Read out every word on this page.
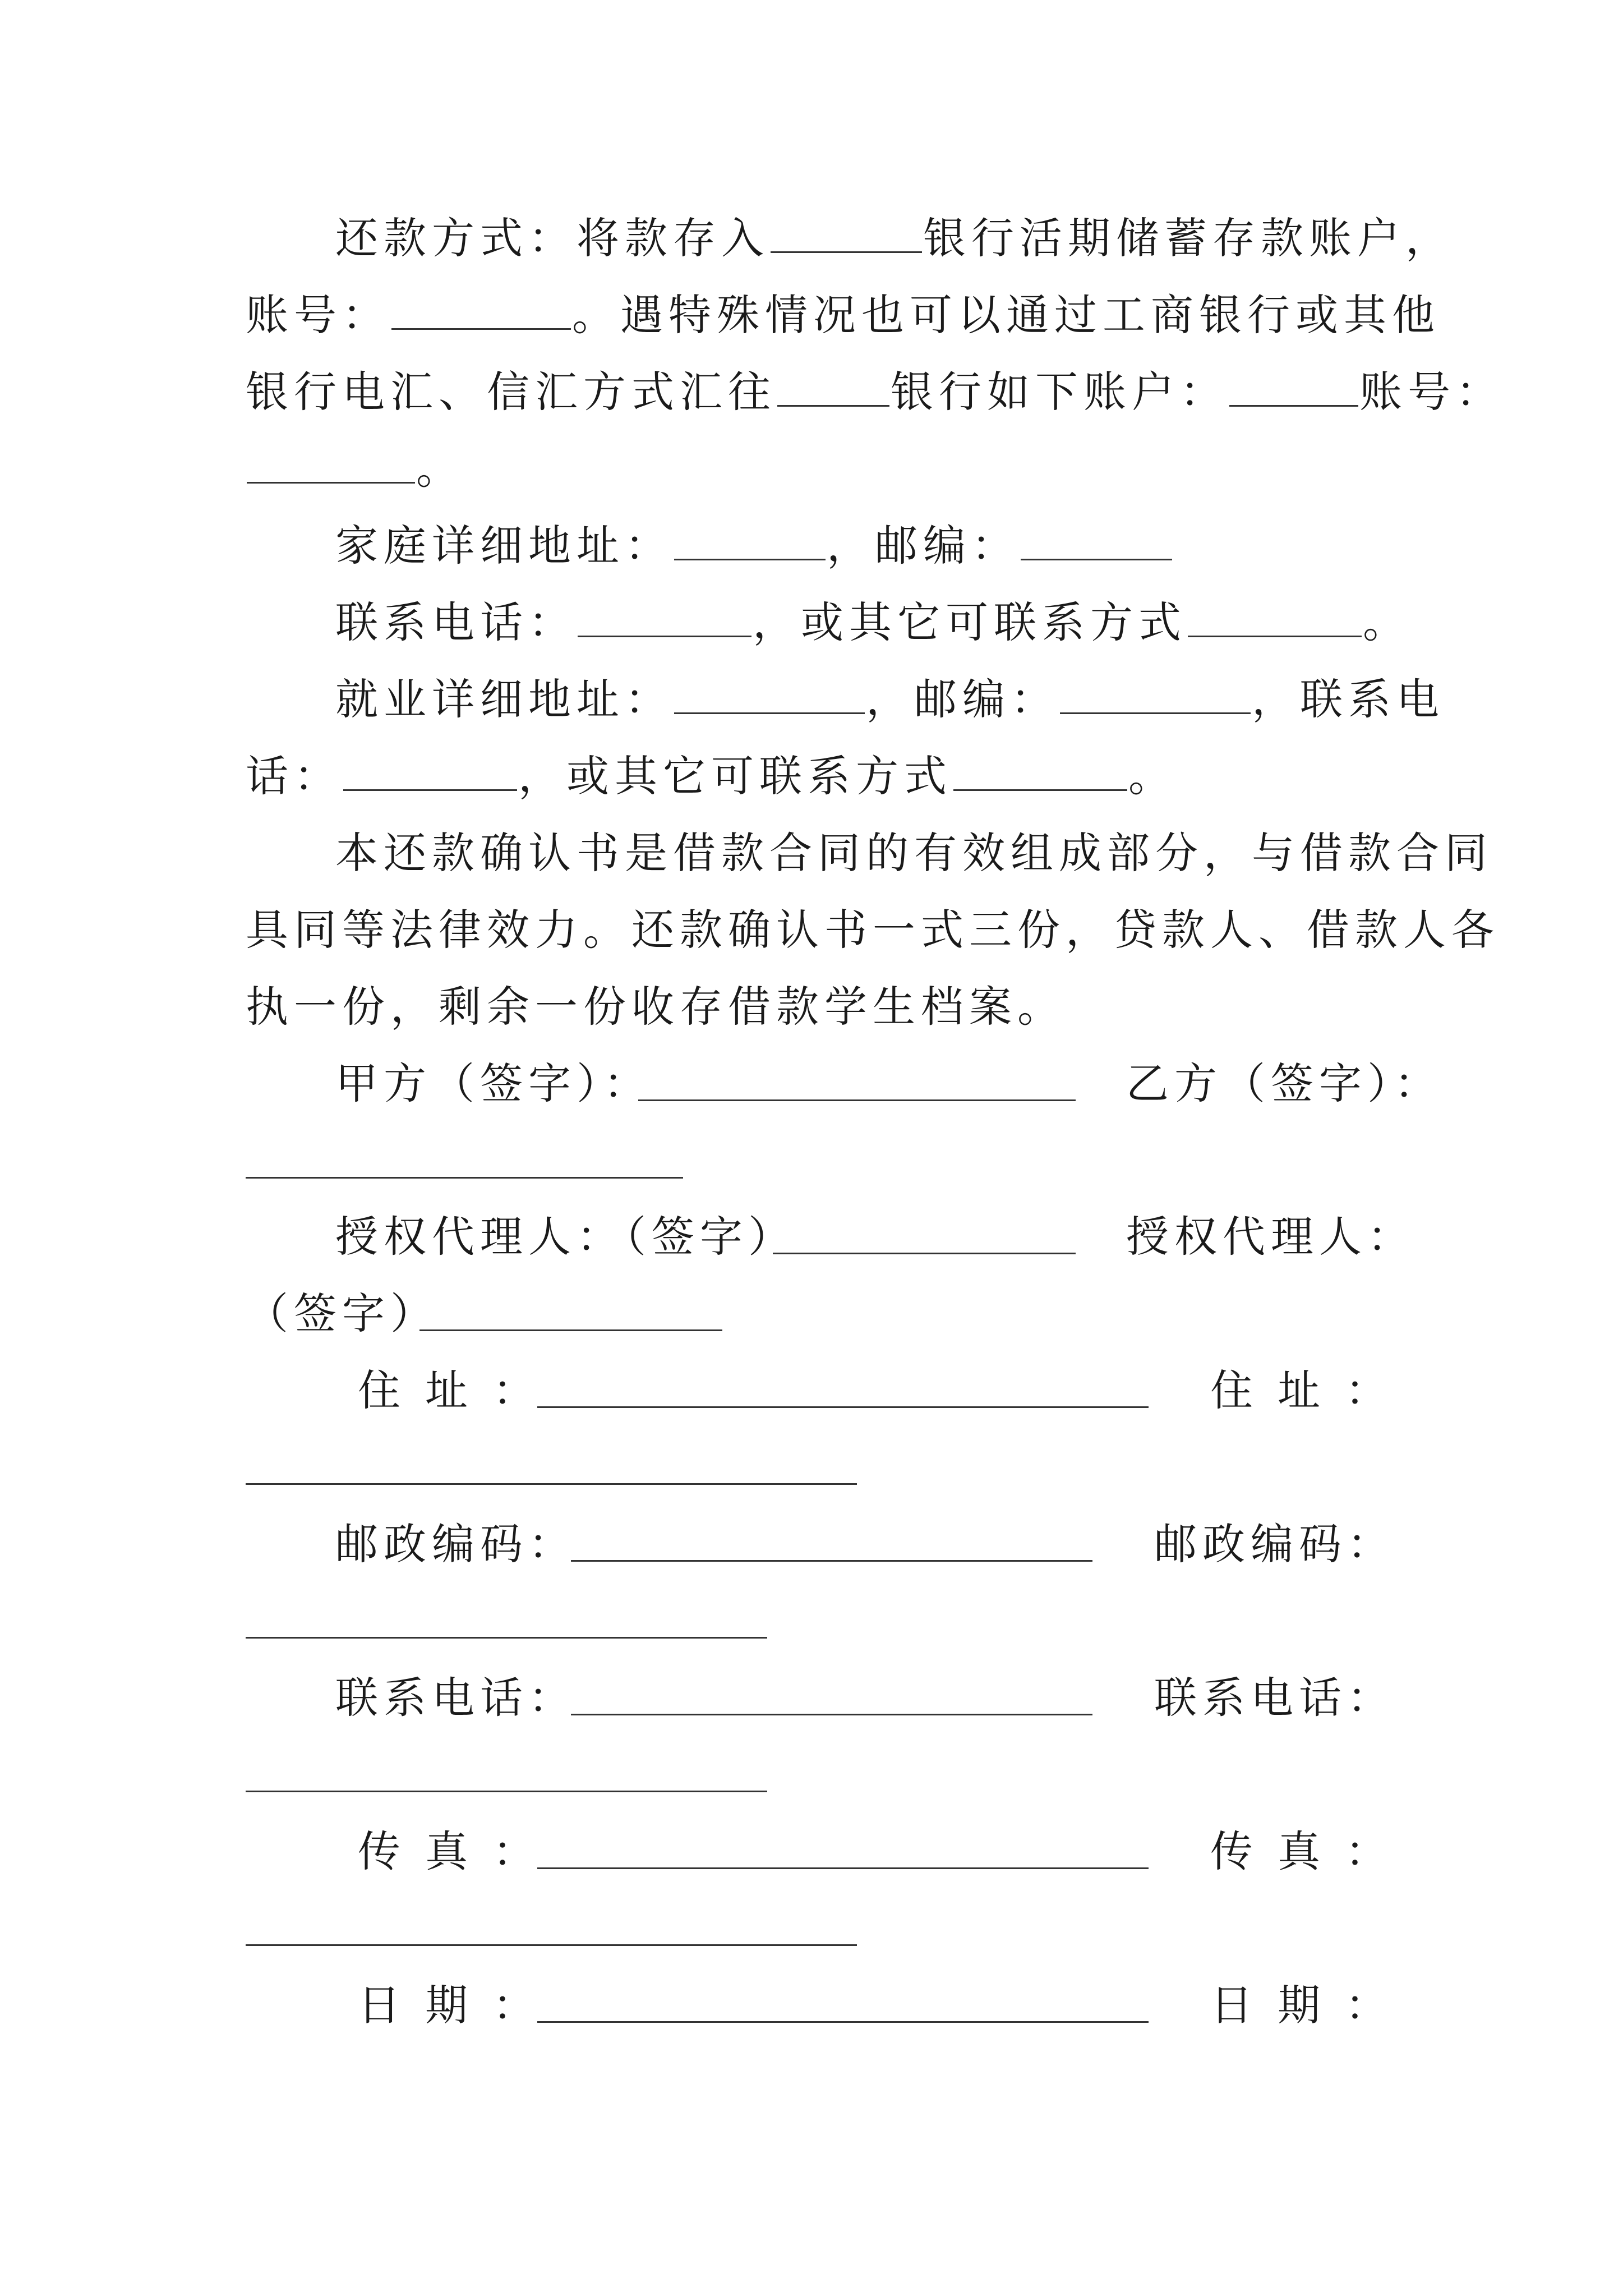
还款方式：将款存入	银行活期储蓄存款账户，
账号：	。遇特殊情况也可以通过工商银行或其他
银行电汇、信汇方式汇往	银行如下账户：	账号：
。
家庭详细地址：	，邮编：
联系电话：	，或其它可联系方式	。
就业详细地址：	，邮编：	，联系电
话：	，或其它可联系方式	。
本还款确认书是借款合同的有效组成部分，与借款合同
具同等法律效力。还款确认书一式三份，贷款人、借款人各
执一份，剩余一份收存借款学生档案。
甲方（签字）：	乙方（签字）：
授权代理人：（签字）	授权代理人：
（签字）
住 址 ：	住 址 ：
邮政编码：	邮政编码：
联系电话：	联系电话：
传 真 ：	传 真 ：
日 期 ：	日 期 ：
